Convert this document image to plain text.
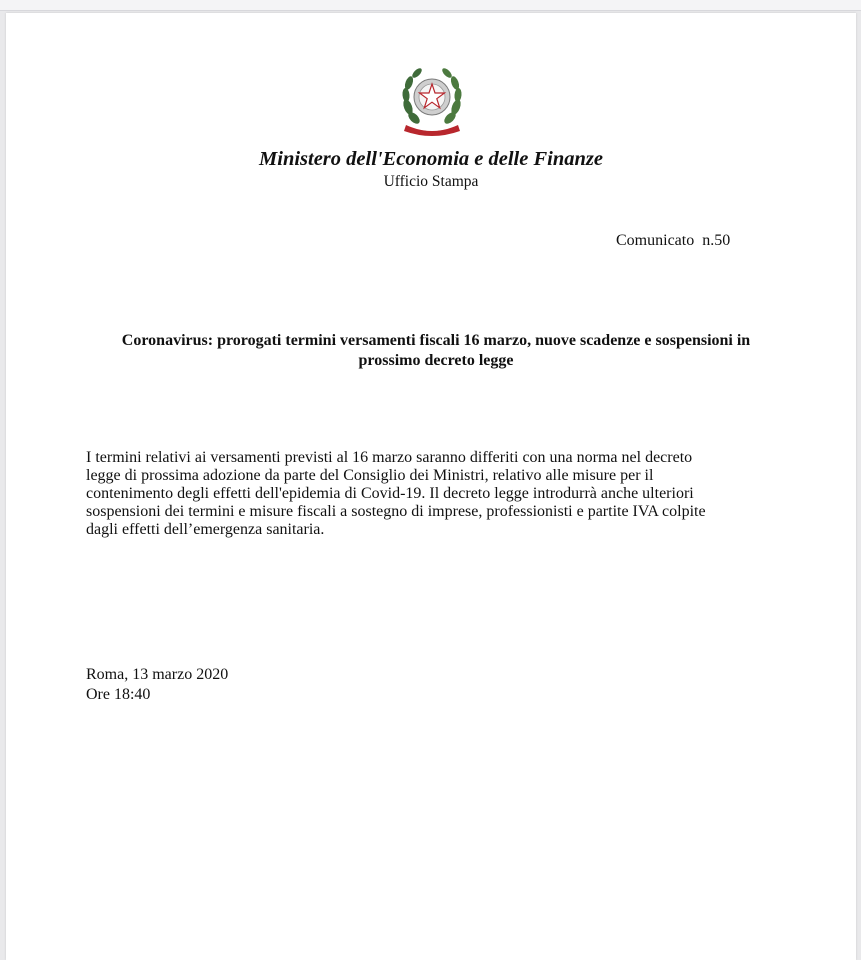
Ministero dell'Economia e delle Finanze
Ufficio Stampa
Comunicato  n.50
Coronavirus: prorogati termini versamenti fiscali 16 marzo, nuove scadenze e sospensioni in
prossimo decreto legge
I termini relativi ai versamenti previsti al 16 marzo saranno differiti con una norma nel decreto
legge di prossima adozione da parte del Consiglio dei Ministri, relativo alle misure per il
contenimento degli effetti dell'epidemia di Covid-19. Il decreto legge introdurrà anche ulteriori
sospensioni dei termini e misure fiscali a sostegno di imprese, professionisti e partite IVA colpite
dagli effetti dell’emergenza sanitaria.
Roma, 13 marzo 2020
Ore 18:40
